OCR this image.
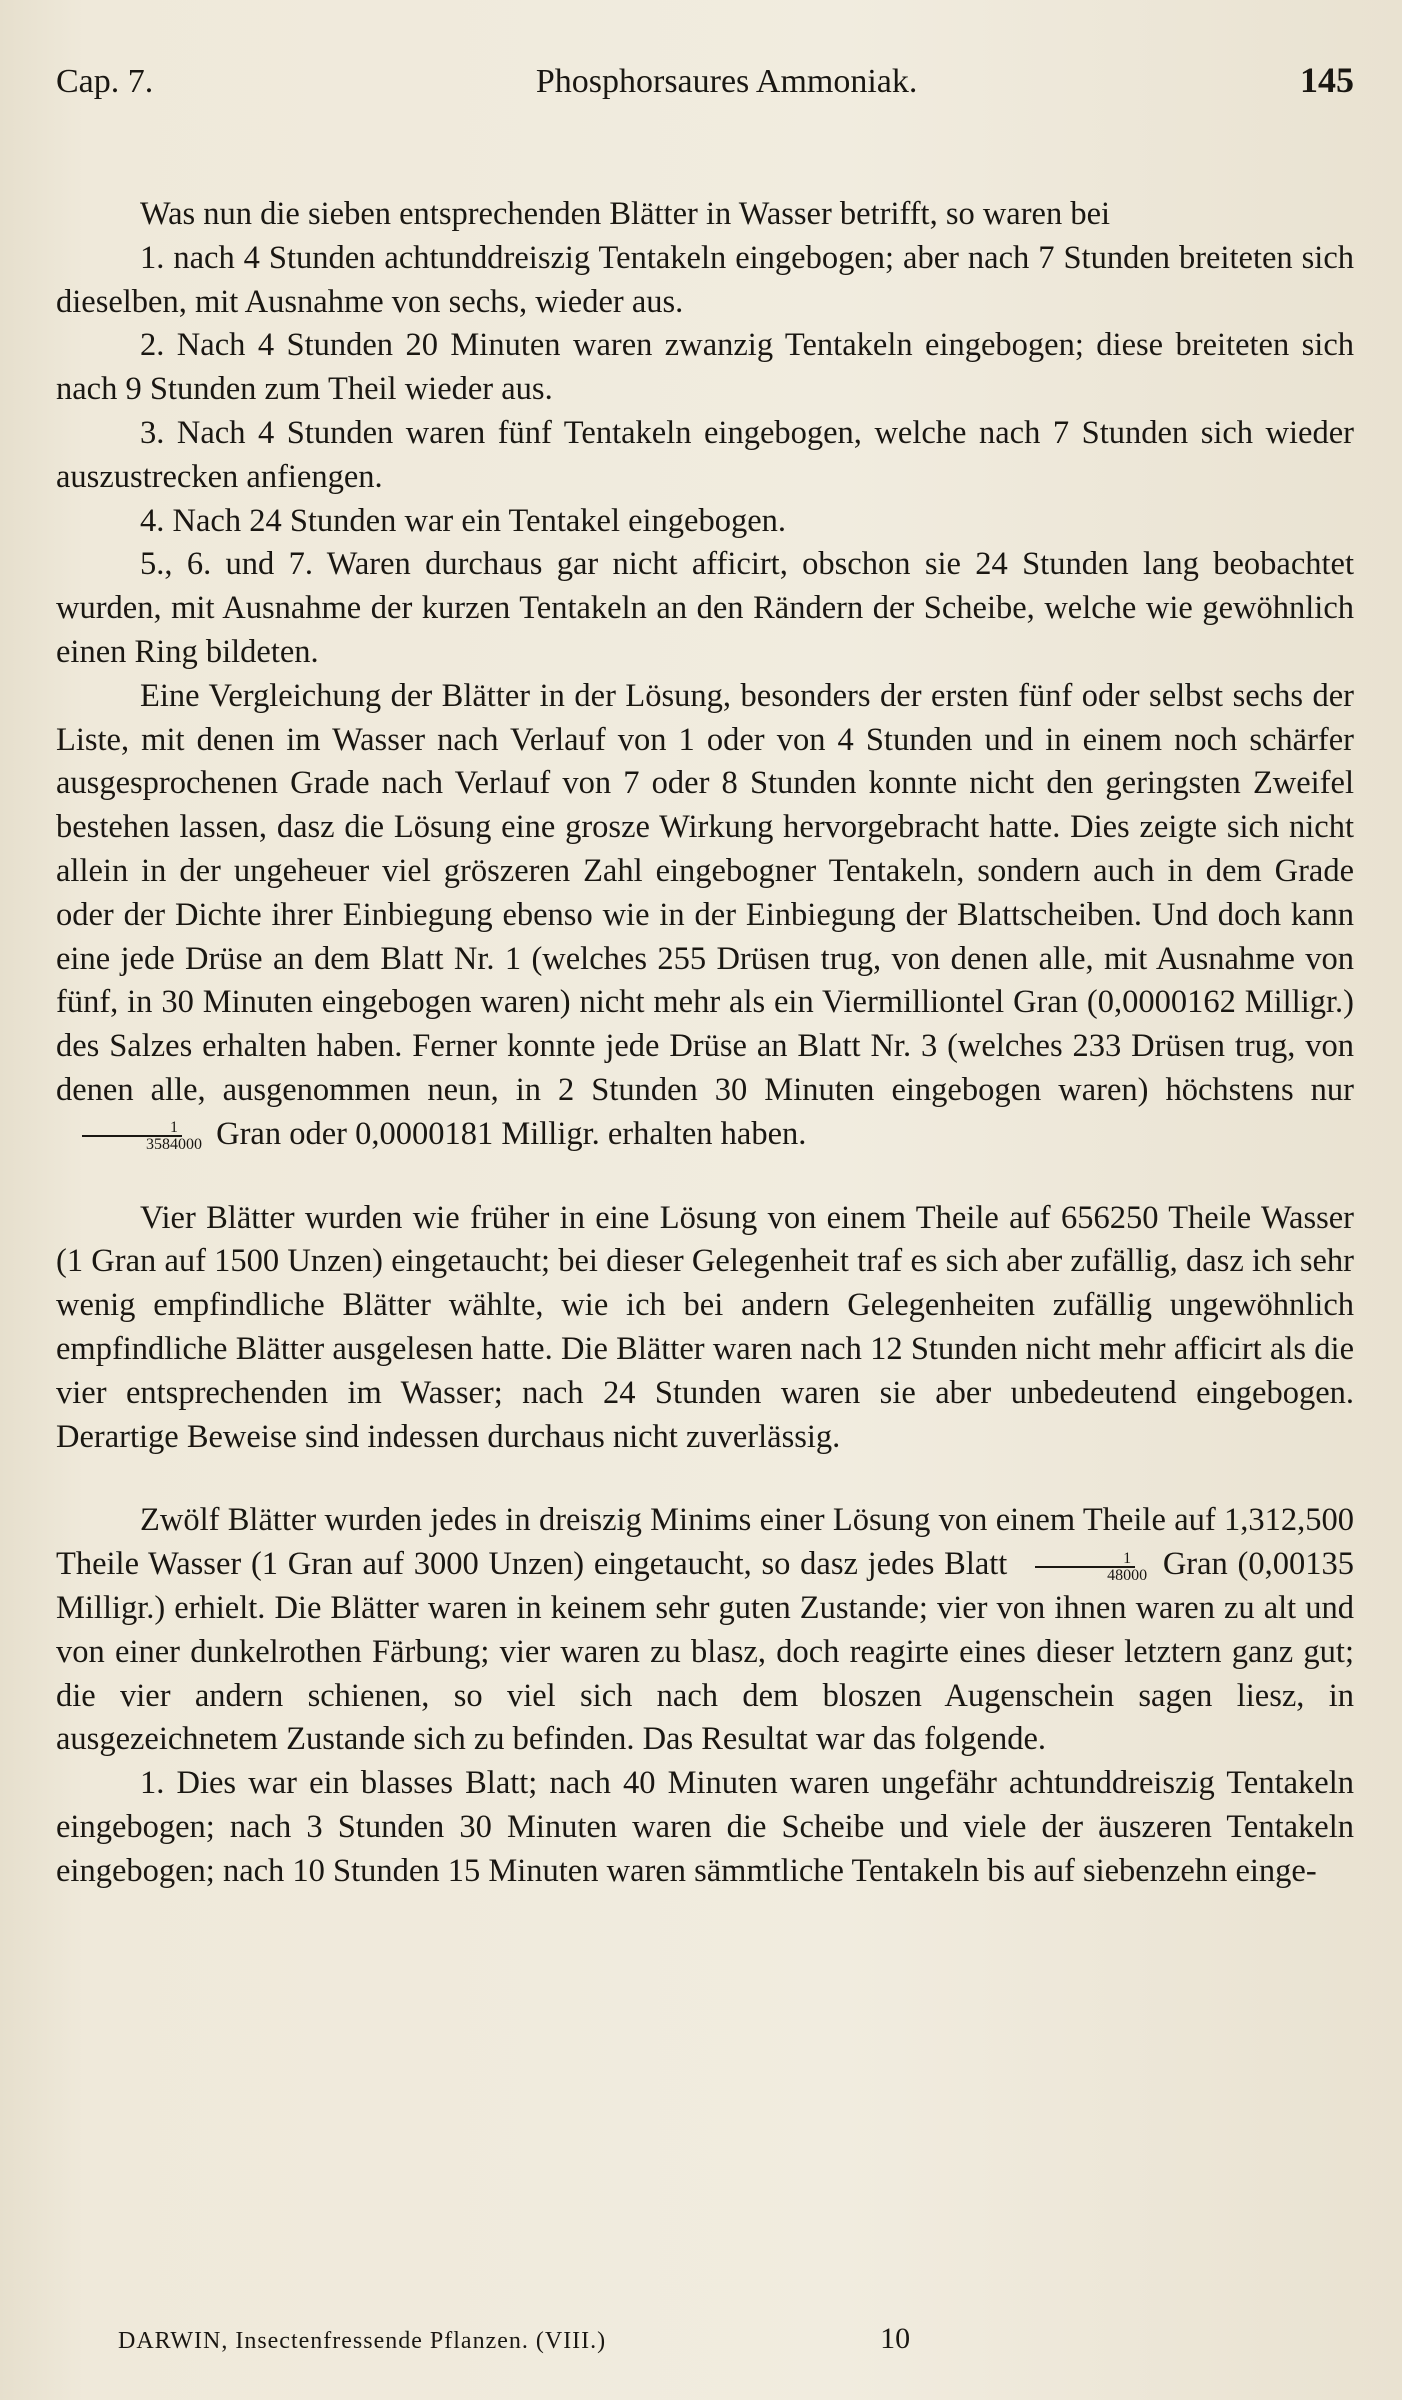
Cap. 7.	Phosphorsaures Ammoniak.	145

Was nun die sieben entsprechenden Blätter in Wasser betrifft, so waren bei

1. nach 4 Stunden achtunddreiszig Tentakeln eingebogen; aber nach 7 Stunden breiteten sich dieselben, mit Ausnahme von sechs, wieder aus.

2. Nach 4 Stunden 20 Minuten waren zwanzig Tentakeln eingebogen; diese breiteten sich nach 9 Stunden zum Theil wieder aus.

3. Nach 4 Stunden waren fünf Tentakeln eingebogen, welche nach 7 Stunden sich wieder auszustrecken anfiengen.

4. Nach 24 Stunden war ein Tentakel eingebogen.

5., 6. und 7. Waren durchaus gar nicht afficirt, obschon sie 24 Stunden lang beobachtet wurden, mit Ausnahme der kurzen Tentakeln an den Rändern der Scheibe, welche wie gewöhnlich einen Ring bildeten.

Eine Vergleichung der Blätter in der Lösung, besonders der ersten fünf oder selbst sechs der Liste, mit denen im Wasser nach Verlauf von 1 oder von 4 Stunden und in einem noch schärfer ausgesprochenen Grade nach Verlauf von 7 oder 8 Stunden konnte nicht den geringsten Zweifel bestehen lassen, dasz die Lösung eine grosze Wirkung hervorgebracht hatte. Dies zeigte sich nicht allein in der ungeheuer viel gröszeren Zahl eingebogner Tentakeln, sondern auch in dem Grade oder der Dichte ihrer Einbiegung ebenso wie in der Einbiegung der Blattscheiben. Und doch kann eine jede Drüse an dem Blatt Nr. 1 (welches 255 Drüsen trug, von denen alle, mit Ausnahme von fünf, in 30 Minuten eingebogen waren) nicht mehr als ein Viermilliontel Gran (0,0000162 Milligr.) des Salzes erhalten haben. Ferner konnte jede Drüse an Blatt Nr. 3 (welches 233 Drüsen trug, von denen alle, ausgenommen neun, in 2 Stunden 30 Minuten eingebogen waren) höchstens nur
$\frac{1}{3584000}$ Gran oder 0,0000181 Milligr. erhalten haben.

Vier Blätter wurden wie früher in eine Lösung von einem Theile auf 656250 Theile Wasser (1 Gran auf 1500 Unzen) eingetaucht; bei dieser Gelegenheit traf es sich aber zufällig, dasz ich sehr wenig empfindliche Blätter wählte, wie ich bei andern Gelegenheiten zufällig ungewöhnlich empfindliche Blätter ausgelesen hatte. Die Blätter waren nach 12 Stunden nicht mehr afficirt als die vier entsprechenden im Wasser; nach 24 Stunden waren sie aber unbedeutend eingebogen. Derartige Beweise sind indessen durchaus nicht zuverlässig.

Zwölf Blätter wurden jedes in dreiszig Minims einer Lösung von einem Theile auf 1,312,500 Theile Wasser (1 Gran auf 3000 Unzen) eingetaucht, so dasz jedes Blatt $\frac{1}{48000}$ Gran (0,00135 Milligr.) erhielt. Die Blätter waren in keinem sehr guten Zustande; vier von ihnen waren zu alt und von einer dunkelrothen Färbung; vier waren zu blasz, doch reagirte eines dieser letztern ganz gut; die vier andern schienen, so viel sich nach dem bloszen Augenschein sagen liesz, in ausgezeichnetem Zustande sich zu befinden. Das Resultat war das folgende.

1. Dies war ein blasses Blatt; nach 40 Minuten waren ungefähr achtunddreiszig Tentakeln eingebogen; nach 3 Stunden 30 Minuten waren die Scheibe und viele der äuszeren Tentakeln eingebogen; nach 10 Stunden 15 Minuten waren sämmtliche Tentakeln bis auf siebenzehn einge-

DARWIN, Insectenfressende Pflanzen. (VIII.)	10
